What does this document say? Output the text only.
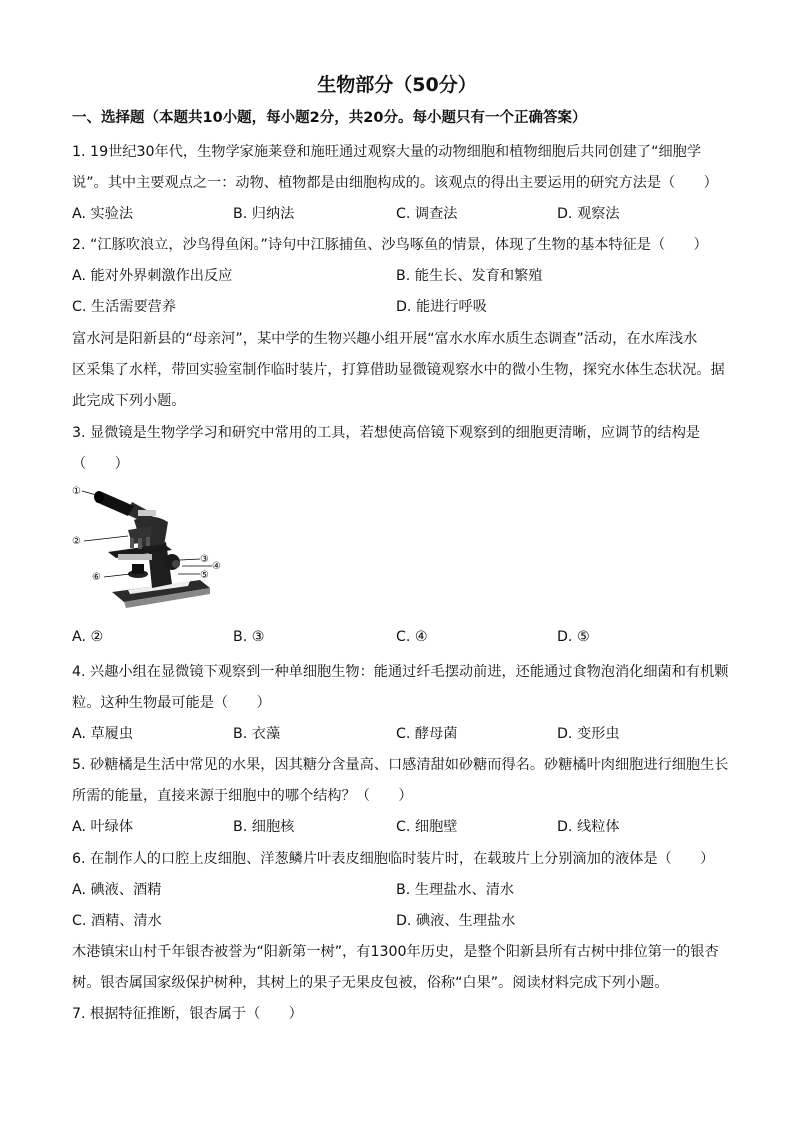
生物部分（50分）
一、选择题（本题共10小题，每小题2分，共20分。每小题只有一个正确答案）
1. 19世纪30年代，生物学家施莱登和施旺通过观察大量的动物细胞和植物细胞后共同创建了“细胞学
说”。其中主要观点之一：动物、植物都是由细胞构成的。该观点的得出主要运用的研究方法是（　　）
A. 实验法	B. 归纳法	C. 调查法	D. 观察法
2. “江豚吹浪立，沙鸟得鱼闲。”诗句中江豚捕鱼、沙鸟啄鱼的情景，体现了生物的基本特征是（　　）
A. 能对外界刺激作出反应	B. 能生长、发育和繁殖
C. 生活需要营养	D. 能进行呼吸
富水河是阳新县的“母亲河”，某中学的生物兴趣小组开展“富水水库水质生态调查”活动，在水库浅水
区采集了水样，带回实验室制作临时装片，打算借助显微镜观察水中的微小生物，探究水体生态状况。据
此完成下列小题。
3. 显微镜是生物学学习和研究中常用的工具，若想使高倍镜下观察到的细胞更清晰，应调节的结构是
（　　）
①
②
③
④
⑤
⑥
A. ②	B. ③	C. ④	D. ⑤
4. 兴趣小组在显微镜下观察到一种单细胞生物：能通过纤毛摆动前进，还能通过食物泡消化细菌和有机颗
粒。这种生物最可能是（　　）
A. 草履虫	B. 衣藻	C. 酵母菌	D. 变形虫
5. 砂糖橘是生活中常见的水果，因其糖分含量高、口感清甜如砂糖而得名。砂糖橘叶肉细胞进行细胞生长
所需的能量，直接来源于细胞中的哪个结构？（　　）
A. 叶绿体	B. 细胞核	C. 细胞壁	D. 线粒体
6. 在制作人的口腔上皮细胞、洋葱鳞片叶表皮细胞临时装片时，在载玻片上分别滴加的液体是（　　）
A. 碘液、酒精	B. 生理盐水、清水
C. 酒精、清水	D. 碘液、生理盐水
木港镇宋山村千年银杏被誉为“阳新第一树”，有1300年历史，是整个阳新县所有古树中排位第一的银杏
树。银杏属国家级保护树种，其树上的果子无果皮包被，俗称“白果”。阅读材料完成下列小题。
7. 根据特征推断，银杏属于（　　）
